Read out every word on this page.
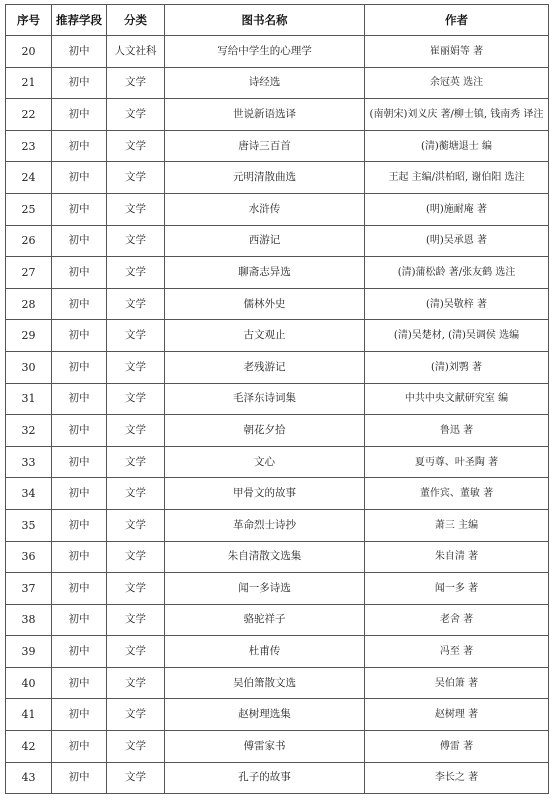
序号	推荐学段	分类	图书名称	作者
20	初中	人文社科	写给中学生的心理学	崔丽娟等 著
21	初中	文学	诗经选	余冠英 选注
22	初中	文学	世说新语选译	(南朝宋)刘义庆 著/柳士镇, 钱南秀 译注
23	初中	文学	唐诗三百首	(清)蘅塘退士 编
24	初中	文学	元明清散曲选	王起 主编/洪柏昭, 谢伯阳 选注
25	初中	文学	水浒传	(明)施耐庵 著
26	初中	文学	西游记	(明)吴承恩 著
27	初中	文学	聊斋志异选	(清)蒲松龄 著/张友鹤 选注
28	初中	文学	儒林外史	(清)吴敬梓 著
29	初中	文学	古文观止	(清)吴楚材, (清)吴调侯 选编
30	初中	文学	老残游记	(清)刘鹗 著
31	初中	文学	毛泽东诗词集	中共中央文献研究室 编
32	初中	文学	朝花夕拾	鲁迅 著
33	初中	文学	文心	夏丏尊、叶圣陶 著
34	初中	文学	甲骨文的故事	董作宾、董敏 著
35	初中	文学	革命烈士诗抄	萧三 主编
36	初中	文学	朱自清散文选集	朱自清 著
37	初中	文学	闻一多诗选	闻一多 著
38	初中	文学	骆驼祥子	老舍 著
39	初中	文学	杜甫传	冯至 著
40	初中	文学	吴伯箫散文选	吴伯箫 著
41	初中	文学	赵树理选集	赵树理 著
42	初中	文学	傅雷家书	傅雷 著
43	初中	文学	孔子的故事	李长之 著
